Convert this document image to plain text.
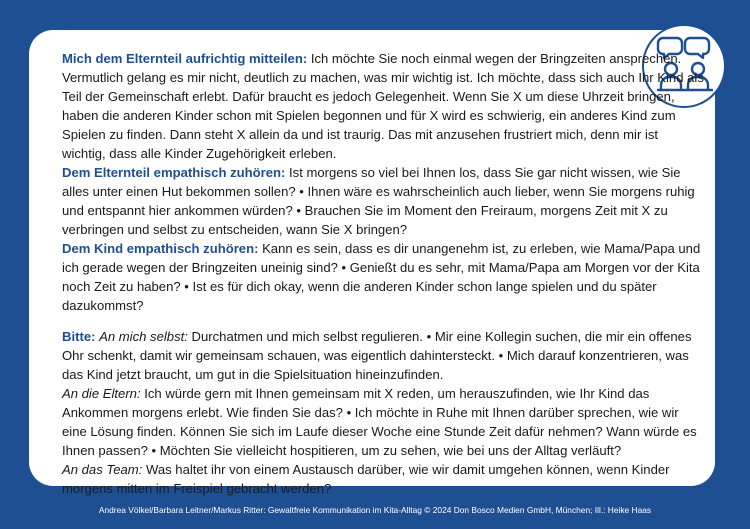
Mich dem Elternteil aufrichtig mitteilen: Ich möchte Sie noch einmal wegen der Bringzeiten ansprechen. Vermutlich gelang es mir nicht, deutlich zu machen, was mir wichtig ist. Ich möchte, dass sich auch Ihr Kind als Teil der Gemeinschaft erlebt. Dafür braucht es jedoch Gelegenheit. Wenn Sie X um diese Uhrzeit bringen, haben die anderen Kinder schon mit Spielen begonnen und für X wird es schwierig, ein anderes Kind zum Spielen zu finden. Dann steht X allein da und ist traurig. Das mit anzusehen frustriert mich, denn mir ist wichtig, dass alle Kinder Zugehörigkeit erleben.

Dem Elternteil empathisch zuhören: Ist morgens so viel bei Ihnen los, dass Sie gar nicht wissen, wie Sie alles unter einen Hut bekommen sollen? • Ihnen wäre es wahrscheinlich auch lieber, wenn Sie morgens ruhig und entspannt hier ankommen würden? • Brauchen Sie im Moment den Freiraum, morgens Zeit mit X zu verbringen und selbst zu entscheiden, wann Sie X bringen?

Dem Kind empathisch zuhören: Kann es sein, dass es dir unangenehm ist, zu erleben, wie Mama/Papa und ich gerade wegen der Bringzeiten uneinig sind? • Genießt du es sehr, mit Mama/Papa am Morgen vor der Kita noch Zeit zu haben? • Ist es für dich okay, wenn die anderen Kinder schon lange spielen und du später dazukommst?

Bitte: An mich selbst: Durchatmen und mich selbst regulieren. • Mir eine Kollegin suchen, die mir ein offenes Ohr schenkt, damit wir gemeinsam schauen, was eigentlich dahintersteckt. • Mich darauf konzentrieren, was das Kind jetzt braucht, um gut in die Spielsituation hineinzufinden.

An die Eltern: Ich würde gern mit Ihnen gemeinsam mit X reden, um herauszufinden, wie Ihr Kind das Ankommen morgens erlebt. Wie finden Sie das? • Ich möchte in Ruhe mit Ihnen darüber sprechen, wie wir eine Lösung finden. Können Sie sich im Laufe dieser Woche eine Stunde Zeit dafür nehmen? Wann würde es Ihnen passen? • Möchten Sie vielleicht hospitieren, um zu sehen, wie bei uns der Alltag verläuft?

An das Team: Was haltet ihr von einem Austausch darüber, wie wir damit umgehen können, wenn Kinder morgens mitten im Freispiel gebracht werden?

Andrea Völkel/Barbara Leitner/Markus Ritter: Gewaltfreie Kommunikation im Kita-Alltag © 2024 Don Bosco Medien GmbH, München; Ill.: Heike Haas
